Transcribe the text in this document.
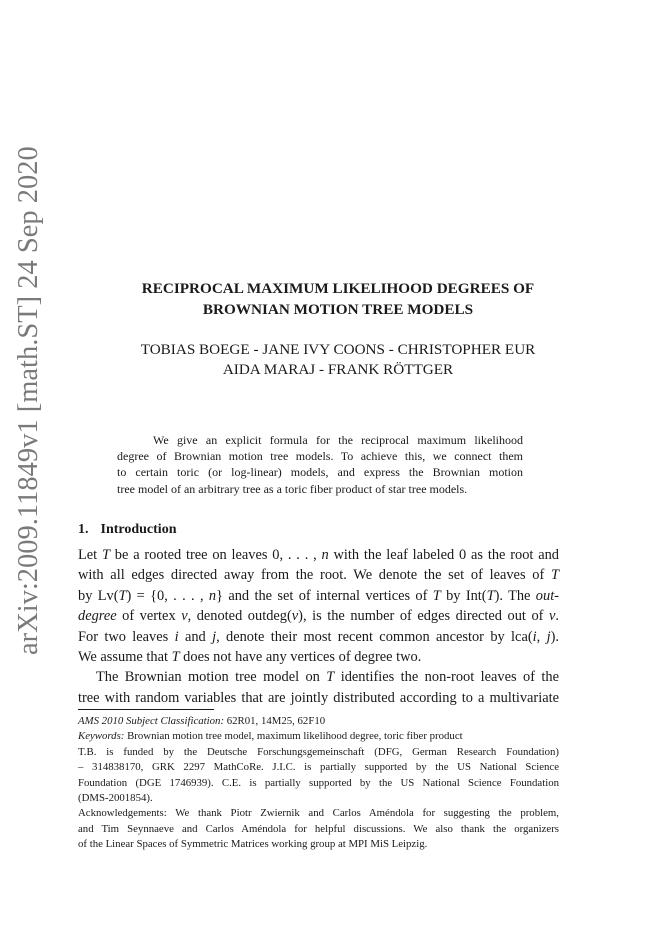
arXiv:2009.11849v1 [math.ST] 24 Sep 2020	RECIPROCAL MAXIMUM LIKELIHOOD DEGREES OF
BROWNIAN MOTION TREE MODELS
TOBIAS BOEGE - JANE IVY COONS - CHRISTOPHER EUR
AIDA MARAJ - FRANK RÖTTGER
We give an explicit formula for the reciprocal maximum likelihood
degree of Brownian motion tree models. To achieve this, we connect them
to certain toric (or log-linear) models, and express the Brownian motion
tree model of an arbitrary tree as a toric fiber product of star tree models.
1. Introduction
Let T be a rooted tree on leaves 0, . . . , n with the leaf labeled 0 as the root and
with all edges directed away from the root. We denote the set of leaves of T
by Lv(T) = {0, . . . , n} and the set of internal vertices of T by Int(T). The out-
degree of vertex v, denoted outdeg(v), is the number of edges directed out of v.
For two leaves i and j, denote their most recent common ancestor by lca(i, j).
We assume that T does not have any vertices of degree two.
The Brownian motion tree model on T identifies the non-root leaves of the
tree with random variables that are jointly distributed according to a multivariate
AMS 2010 Subject Classification: 62R01, 14M25, 62F10
Keywords: Brownian motion tree model, maximum likelihood degree, toric fiber product
T.B. is funded by the Deutsche Forschungsgemeinschaft (DFG, German Research Foundation)
– 314838170, GRK 2297 MathCoRe. J.I.C. is partially supported by the US National Science
Foundation (DGE 1746939). C.E. is partially supported by the US National Science Foundation
(DMS-2001854).
Acknowledgements: We thank Piotr Zwiernik and Carlos Améndola for suggesting the problem,
and Tim Seynnaeve and Carlos Améndola for helpful discussions. We also thank the organizers
of the Linear Spaces of Symmetric Matrices working group at MPI MiS Leipzig.
